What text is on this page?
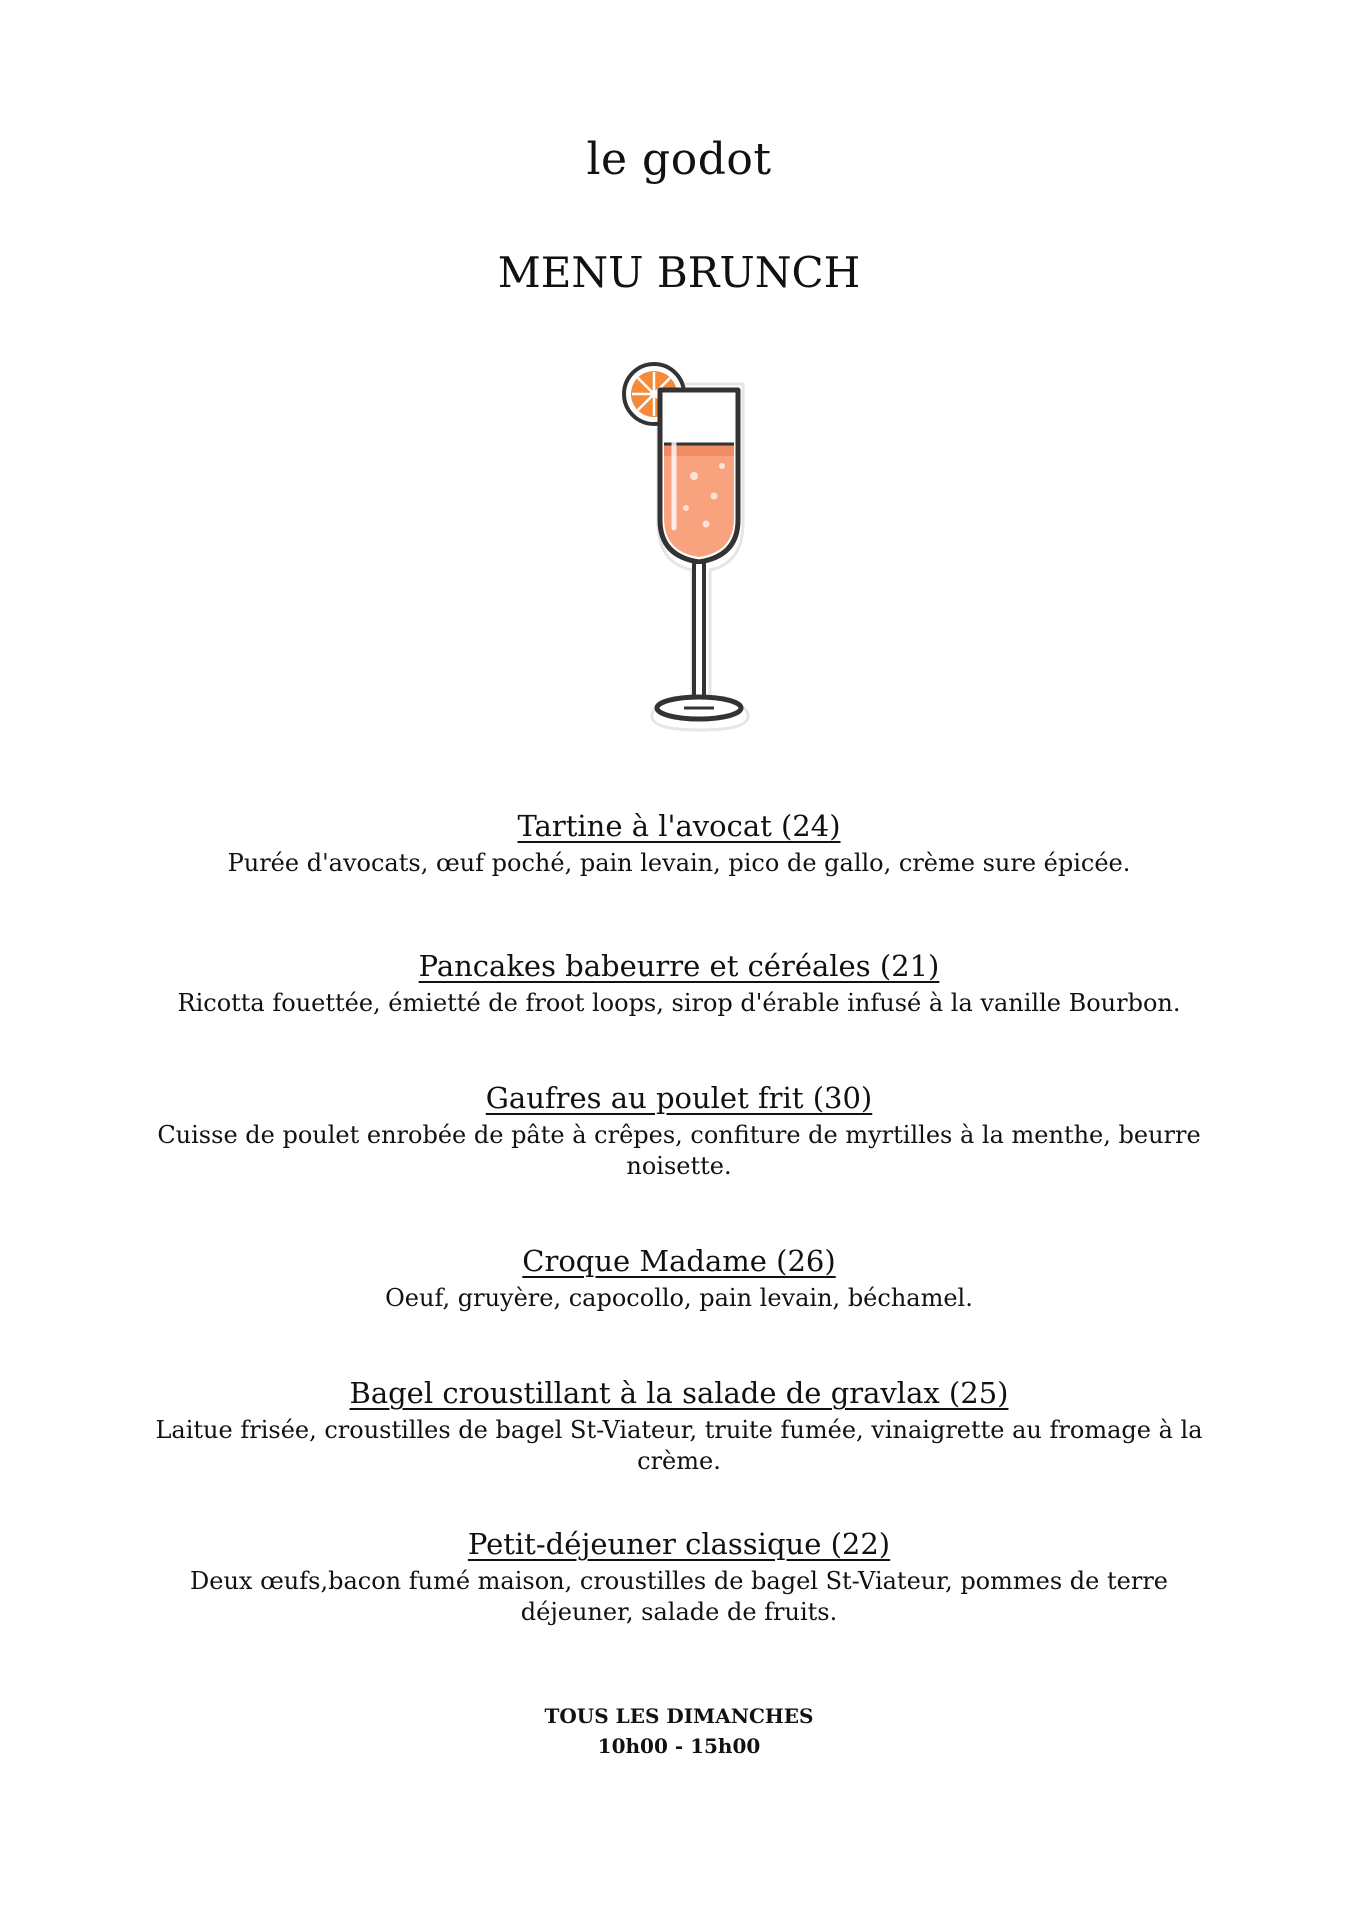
le godot
MENU BRUNCH

Tartine à l'avocat (24)

Purée d'avocats, œuf poché, pain levain, pico de gallo, crème sure épicée.

Pancakes babeurre et céréales (21)

Ricotta fouettée, émietté de froot loops, sirop d'érable infusé à la vanille Bourbon.

Gaufres au poulet frit (30)

Cuisse de poulet enrobée de pâte à crêpes, confiture de myrtilles à la menthe, beurre noisette.

Croque Madame (26)

Oeuf, gruyère, capocollo, pain levain, béchamel.

Bagel croustillant à la salade de gravlax (25)

Laitue frisée, croustilles de bagel St-Viateur, truite fumée, vinaigrette au fromage à la crème.

Petit-déjeuner classique (22)

Deux œufs,bacon fumé maison, croustilles de bagel St-Viateur, pommes de terre déjeuner, salade de fruits.

TOUS LES DIMANCHES
10h00 - 15h00
